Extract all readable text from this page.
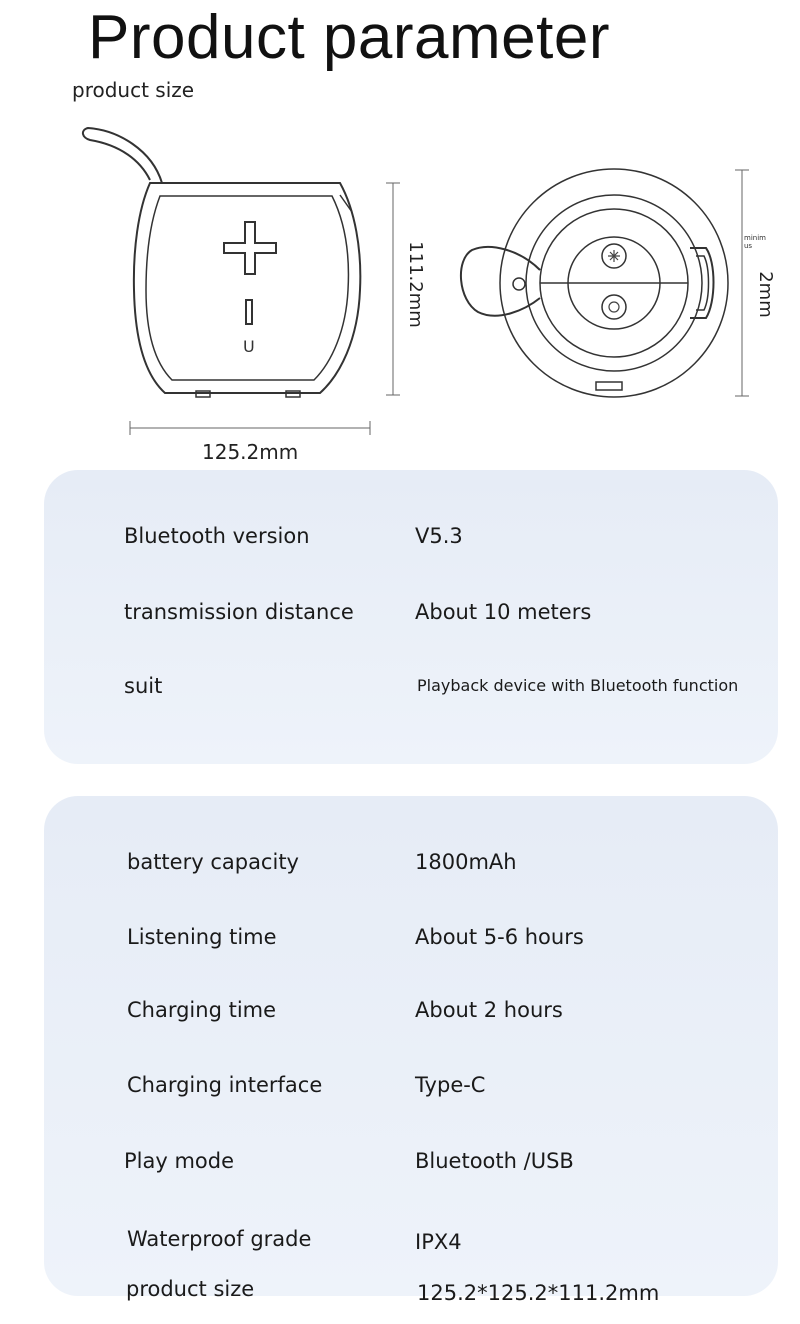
Product parameter
product size
U
125.2mm
111.2mm	2mm
minim us
Bluetooth version	V5.3
transmission distance	About 10 meters
suit	Playback device with Bluetooth function
battery capacity	1800mAh
Listening time	About 5-6 hours
Charging time	About 2 hours
Charging interface	Type-C
Play mode	Bluetooth /USB
Waterproof grade	IPX4
product size	125.2*125.2*111.2mm
